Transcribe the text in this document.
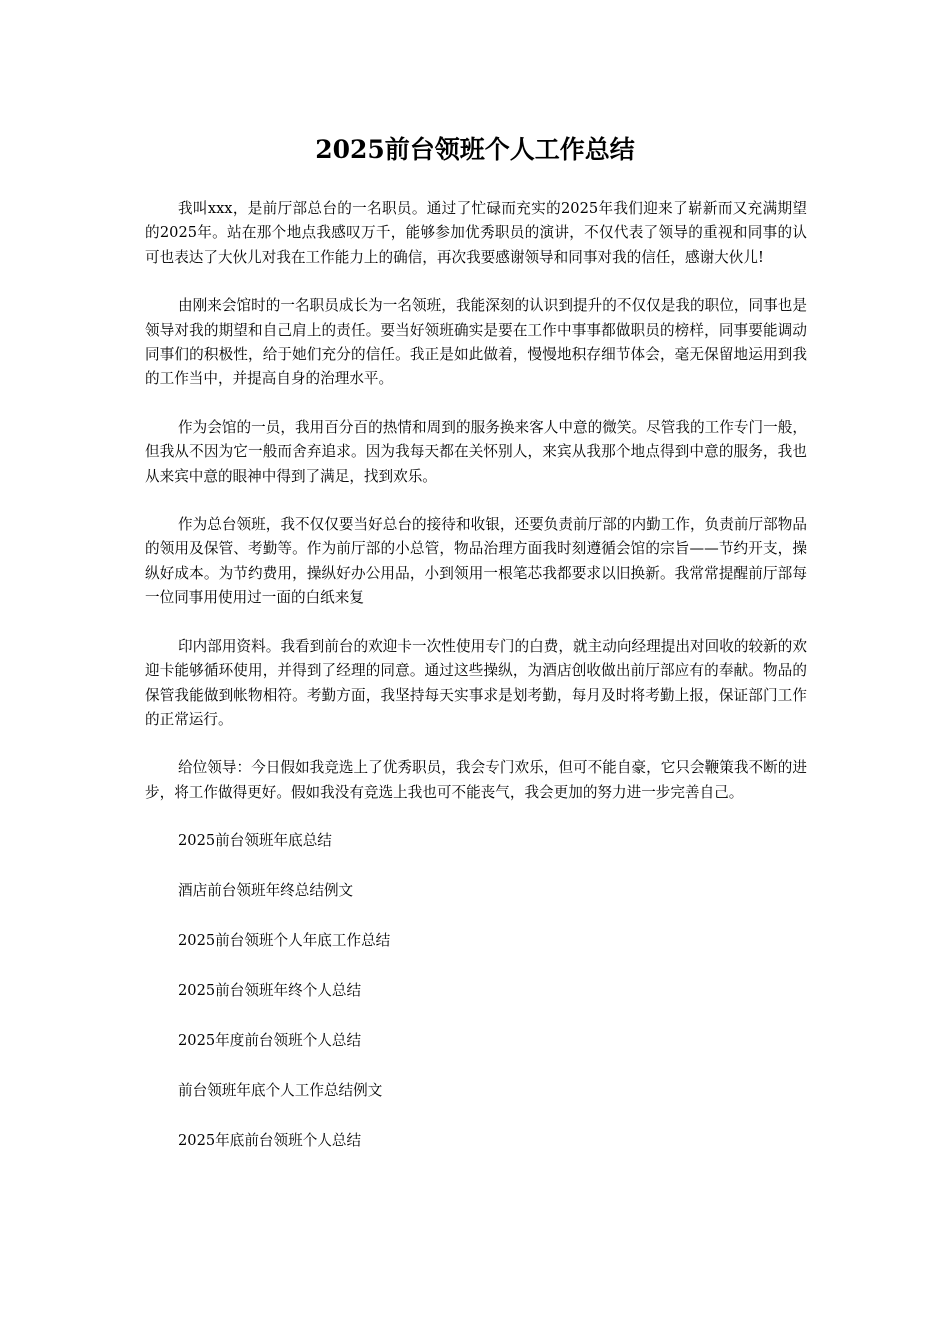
2025前台领班个人工作总结

我叫xxx，是前厅部总台的一名职员。通过了忙碌而充实的2025年我们迎来了崭新而又充满期望的2025年。站在那个地点我感叹万千，能够参加优秀职员的演讲，不仅代表了领导的重视和同事的认可也表达了大伙儿对我在工作能力上的确信，再次我要感谢领导和同事对我的信任，感谢大伙儿!

由刚来会馆时的一名职员成长为一名领班，我能深刻的认识到提升的不仅仅是我的职位，同事也是领导对我的期望和自己肩上的责任。要当好领班确实是要在工作中事事都做职员的榜样，同事要能调动同事们的积极性，给于她们充分的信任。我正是如此做着，慢慢地积存细节体会，毫无保留地运用到我的工作当中，并提高自身的治理水平。

作为会馆的一员，我用百分百的热情和周到的服务换来客人中意的微笑。尽管我的工作专门一般，但我从不因为它一般而舍弃追求。因为我每天都在关怀别人，来宾从我那个地点得到中意的服务，我也从来宾中意的眼神中得到了满足，找到欢乐。

作为总台领班，我不仅仅要当好总台的接待和收银，还要负责前厅部的内勤工作，负责前厅部物品的领用及保管、考勤等。作为前厅部的小总管，物品治理方面我时刻遵循会馆的宗旨——节约开支，操纵好成本。为节约费用，操纵好办公用品，小到领用一根笔芯我都要求以旧换新。我常常提醒前厅部每一位同事用使用过一面的白纸来复

印内部用资料。我看到前台的欢迎卡一次性使用专门的白费，就主动向经理提出对回收的较新的欢迎卡能够循环使用，并得到了经理的同意。通过这些操纵，为酒店创收做出前厅部应有的奉献。物品的保管我能做到帐物相符。考勤方面，我坚持每天实事求是划考勤，每月及时将考勤上报，保证部门工作的正常运行。

给位领导：今日假如我竞选上了优秀职员，我会专门欢乐，但可不能自豪，它只会鞭策我不断的进步，将工作做得更好。假如我没有竞选上我也可不能丧气，我会更加的努力进一步完善自己。

2025前台领班年底总结

酒店前台领班年终总结例文

2025前台领班个人年底工作总结

2025前台领班年终个人总结

2025年度前台领班个人总结

前台领班年底个人工作总结例文

2025年底前台领班个人总结
